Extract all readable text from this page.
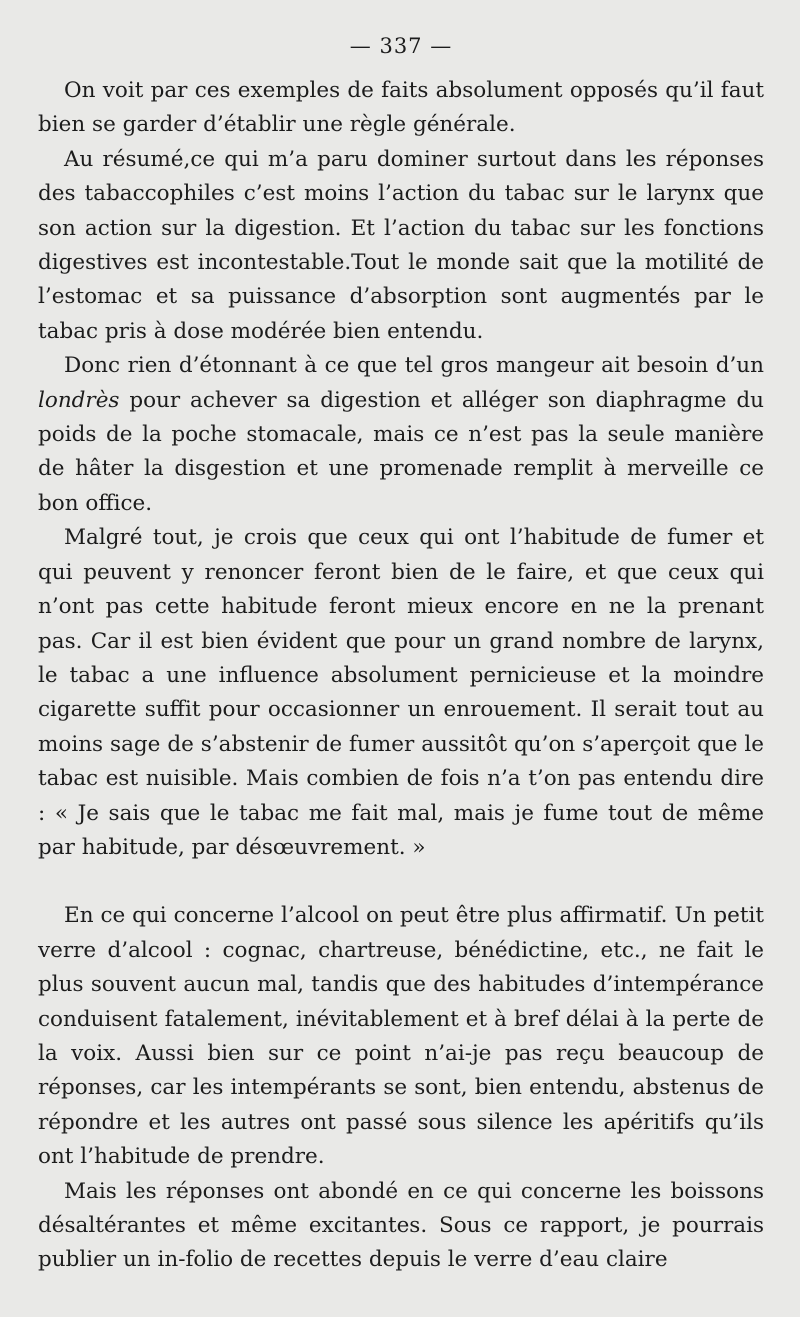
— 337 —

On voit par ces exemples de faits absolument opposés qu’il faut bien se garder d’établir une règle générale.

Au résumé,ce qui m’a paru dominer surtout dans les réponses des tabaccophiles c’est moins l’action du tabac sur le larynx que son action sur la digestion. Et l’action du tabac sur les fonctions digestives est incontestable.Tout le monde sait que la motilité de l’estomac et sa puissance d’absorption sont augmentés par le tabac pris à dose modérée bien entendu.

Donc rien d’étonnant à ce que tel gros mangeur ait besoin d’un londrès pour achever sa digestion et alléger son diaphragme du poids de la poche stomacale, mais ce n’est pas la seule manière de hâter la disgestion et une promenade remplit à merveille ce bon office.

Malgré tout, je crois que ceux qui ont l’habitude de fumer et qui peuvent y renoncer feront bien de le faire, et que ceux qui n’ont pas cette habitude feront mieux encore en ne la prenant pas. Car il est bien évident que pour un grand nombre de larynx, le tabac a une influence absolument pernicieuse et la moindre cigarette suffit pour occasionner un enrouement. Il serait tout au moins sage de s’abstenir de fumer aussitôt qu’on s’aperçoit que le tabac est nuisible. Mais combien de fois n’a t’on pas entendu dire : « Je sais que le tabac me fait mal, mais je fume tout de même par habitude, par désœuvrement. »

En ce qui concerne l’alcool on peut être plus affirmatif. Un petit verre d’alcool : cognac, chartreuse, bénédictine, etc., ne fait le plus souvent aucun mal, tandis que des habitudes d’intempérance conduisent fatalement, inévitablement et à bref délai à la perte de la voix. Aussi bien sur ce point n’ai-je pas reçu beaucoup de réponses, car les intempérants se sont, bien entendu, abstenus de répondre et les autres ont passé sous silence les apéritifs qu’ils ont l’habitude de prendre.

Mais les réponses ont abondé en ce qui concerne les boissons désaltérantes et même excitantes. Sous ce rapport, je pourrais publier un in-folio de recettes depuis le verre d’eau claire
